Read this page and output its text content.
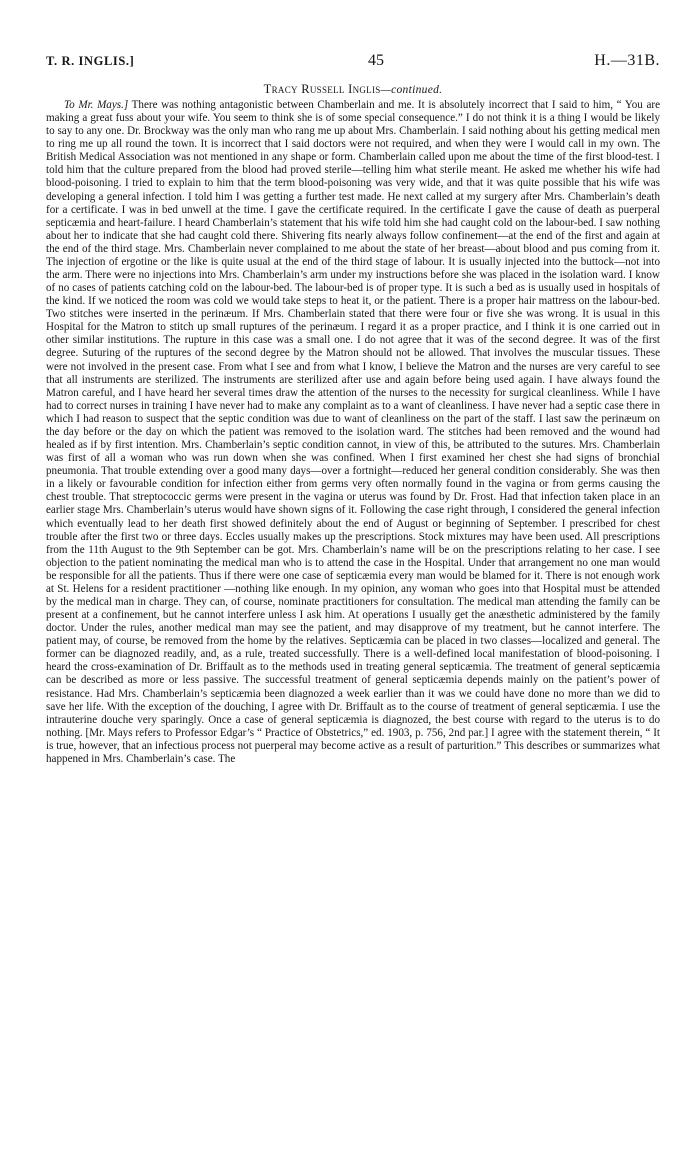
T. R. INGLIS.]	45	H.—31B.
Tracy Russell Inglis—continued.

To Mr. Mays.] There was nothing antagonistic between Chamberlain and me. It is absolutely incorrect that I said to him, “ You are making a great fuss about your wife. You seem to think she is of some special consequence.” I do not think it is a thing I would be likely to say to any one. Dr. Brockway was the only man who rang me up about Mrs. Chamberlain. I said nothing about his getting medical men to ring me up all round the town. It is incorrect that I said doctors were not required, and when they were I would call in my own. The British Medical Association was not mentioned in any shape or form. Chamberlain called upon me about the time of the first blood-test. I told him that the culture prepared from the blood had proved sterile—telling him what sterile meant. He asked me whether his wife had blood-poisoning. I tried to explain to him that the term blood-poisoning was very wide, and that it was quite possible that his wife was developing a general infection. I told him I was getting a further test made. He next called at my surgery after Mrs. Chamberlain’s death for a certificate. I was in bed unwell at the time. I gave the certificate required. In the certificate I gave the cause of death as puerperal septicæmia and heart-failure. I heard Chamberlain’s statement that his wife told him she had caught cold on the labour-bed. I saw nothing about her to indicate that she had caught cold there. Shivering fits nearly always follow confinement—at the end of the first and again at the end of the third stage. Mrs. Chamberlain never complained to me about the state of her breast—about blood and pus coming from it. The injection of ergotine or the like is quite usual at the end of the third stage of labour. It is usually injected into the buttock—not into the arm. There were no injections into Mrs. Chamberlain’s arm under my instructions before she was placed in the isolation ward. I know of no cases of patients catching cold on the labour-bed. The labour-bed is of proper type. It is such a bed as is usually used in hospitals of the kind. If we noticed the room was cold we would take steps to heat it, or the patient. There is a proper hair mattress on the labour-bed. Two stitches were inserted in the perinæum. If Mrs. Chamberlain stated that there were four or five she was wrong. It is usual in this Hospital for the Matron to stitch up small ruptures of the perinæum. I regard it as a proper practice, and I think it is one carried out in other similar institutions. The rupture in this case was a small one. I do not agree that it was of the second degree. It was of the first degree. Suturing of the ruptures of the second degree by the Matron should not be allowed. That involves the muscular tissues. These were not involved in the present case. From what I see and from what I know, I believe the Matron and the nurses are very careful to see that all instruments are sterilized. The instruments are sterilized after use and again before being used again. I have always found the Matron careful, and I have heard her several times draw the attention of the nurses to the necessity for surgical cleanliness. While I have had to correct nurses in training I have never had to make any complaint as to a want of cleanliness. I have never had a septic case there in which I had reason to suspect that the septic condition was due to want of cleanliness on the part of the staff. I last saw the perinæum on the day before or the day on which the patient was removed to the isolation ward. The stitches had been removed and the wound had healed as if by first intention. Mrs. Chamberlain’s septic condition cannot, in view of this, be attributed to the sutures. Mrs. Chamberlain was first of all a woman who was run down when she was confined. When I first examined her chest she had signs of bronchial pneumonia. That trouble extending over a good many days—over a fortnight—reduced her general condition considerably. She was then in a likely or favourable condition for infection either from germs very often normally found in the vagina or from germs causing the chest trouble. That streptococcic germs were present in the vagina or uterus was found by Dr. Frost. Had that infection taken place in an earlier stage Mrs. Chamberlain’s uterus would have shown signs of it. Following the case right through, I considered the general infection which eventually lead to her death first showed definitely about the end of August or beginning of September. I prescribed for chest trouble after the first two or three days. Eccles usually makes up the prescriptions. Stock mixtures may have been used. All prescriptions from the 11th August to the 9th September can be got. Mrs. Chamberlain’s name will be on the prescriptions relating to her case. I see objection to the patient nominating the medical man who is to attend the case in the Hospital. Under that arrangement no one man would be responsible for all the patients. Thus if there were one case of septicæmia every man would be blamed for it. There is not enough work at St. Helens for a resident practitioner —nothing like enough. In my opinion, any woman who goes into that Hospital must be attended by the medical man in charge. They can, of course, nominate practitioners for consultation. The medical man attending the family can be present at a confinement, but he cannot interfere unless I ask him. At operations I usually get the anæsthetic administered by the family doctor. Under the rules, another medical man may see the patient, and may disapprove of my treatment, but he cannot interfere. The patient may, of course, be removed from the home by the relatives. Septicæmia can be placed in two classes—localized and general. The former can be diagnozed readily, and, as a rule, treated successfully. There is a well-defined local manifestation of blood-poisoning. I heard the cross-examination of Dr. Briffault as to the methods used in treating general septicæmia. The treatment of general septicæmia can be described as more or less passive. The successful treatment of general septicæmia depends mainly on the patient’s power of resistance. Had Mrs. Chamberlain’s septicæmia been diagnozed a week earlier than it was we could have done no more than we did to save her life. With the exception of the douching, I agree with Dr. Briffault as to the course of treatment of general septicæmia. I use the intrauterine douche very sparingly. Once a case of general septicæmia is diagnozed, the best course with regard to the uterus is to do nothing. [Mr. Mays refers to Professor Edgar’s “ Practice of Obstetrics,” ed. 1903, p. 756, 2nd par.] I agree with the statement therein, “ It is true, however, that an infectious process not puerperal may become active as a result of parturition.” This describes or summarizes what happened in Mrs. Chamberlain’s case. The
